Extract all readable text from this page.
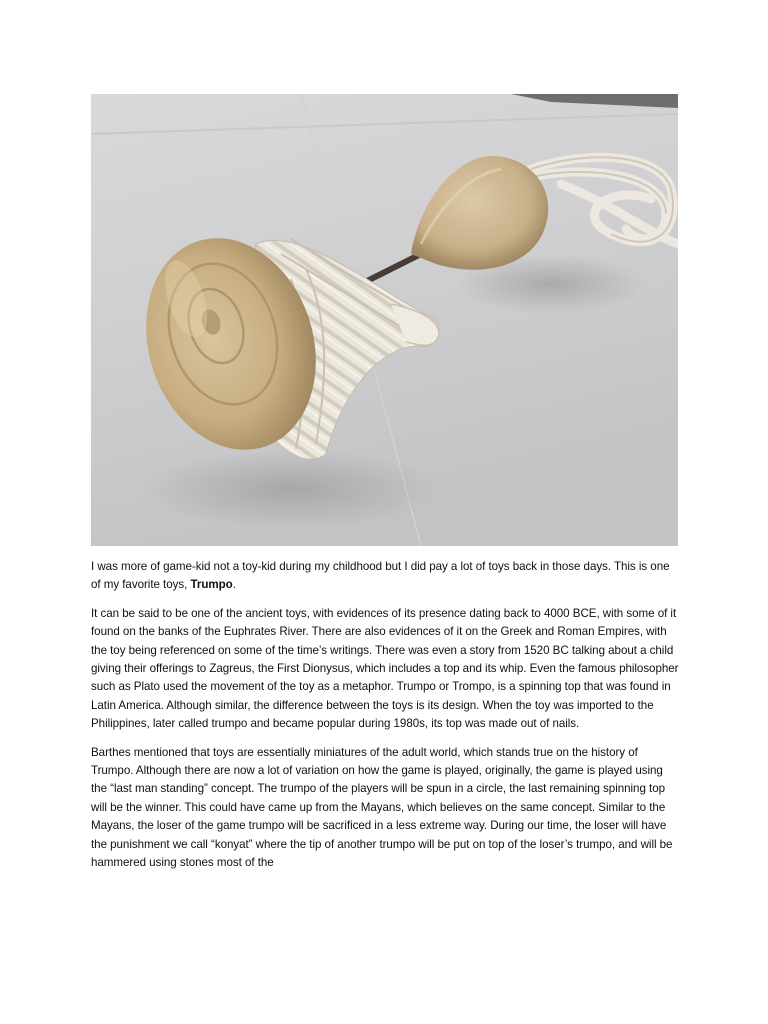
I was more of game-kid not a toy-kid during my childhood but I did pay a lot of toys back in those days. This is one of my favorite toys, Trumpo.

It can be said to be one of the ancient toys, with evidences of its presence dating back to 4000 BCE, with some of it found on the banks of the Euphrates River. There are also evidences of it on the Greek and Roman Empires, with the toy being referenced on some of the time’s writings. There was even a story from 1520 BC talking about a child giving their offerings to Zagreus, the First Dionysus, which includes a top and its whip. Even the famous philosopher such as Plato used the movement of the toy as a metaphor. Trumpo or Trompo, is a spinning top that was found in Latin America. Although similar, the difference between the toys is its design. When the toy was imported to the Philippines, later called trumpo and became popular during 1980s, its top was made out of nails.

Barthes mentioned that toys are essentially miniatures of the adult world, which stands true on the history of Trumpo. Although there are now a lot of variation on how the game is played, originally, the game is played using the “last man standing” concept. The trumpo of the players will be spun in a circle, the last remaining spinning top will be the winner. This could have came up from the Mayans, which believes on the same concept. Similar to the Mayans, the loser of the game trumpo will be sacrificed in a less extreme way. During our time, the loser will have the punishment we call “konyat” where the tip of another trumpo will be put on top of the loser’s trumpo, and will be hammered using stones most of the
